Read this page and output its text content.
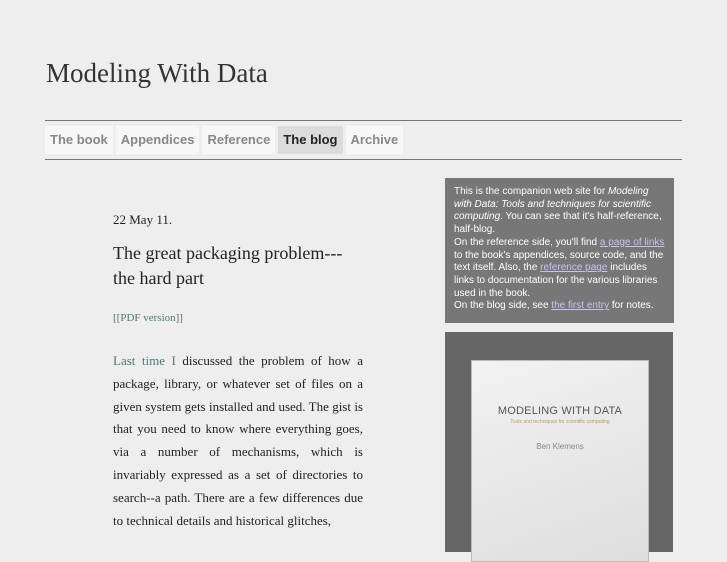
Modeling With Data
The book	Appendices	Reference	The blog	Archive

22 May 11.

The great packaging problem---the hard part
[[PDF version]]
Last time I discussed the problem of how a package, library, or whatever set of files on a given system gets installed and used. The gist is that you need to know where everything goes, via a number of mechanisms, which is invariably expressed as a set of directories to search--a path. There are a few differences due to technical details and historical glitches,
This is the companion web site for Modeling with Data: Tools and techniques for scientific computing. You can see that it's half-reference, half-blog.
On the reference side, you'll find a page of links to the book's appendices, source code, and the text itself. Also, the reference page includes links to documentation for the various libraries used in the book.
On the blog side, see the first entry for notes.
MODELING WITH DATA
Tools and techniques for scientific computing
Ben Klemens
